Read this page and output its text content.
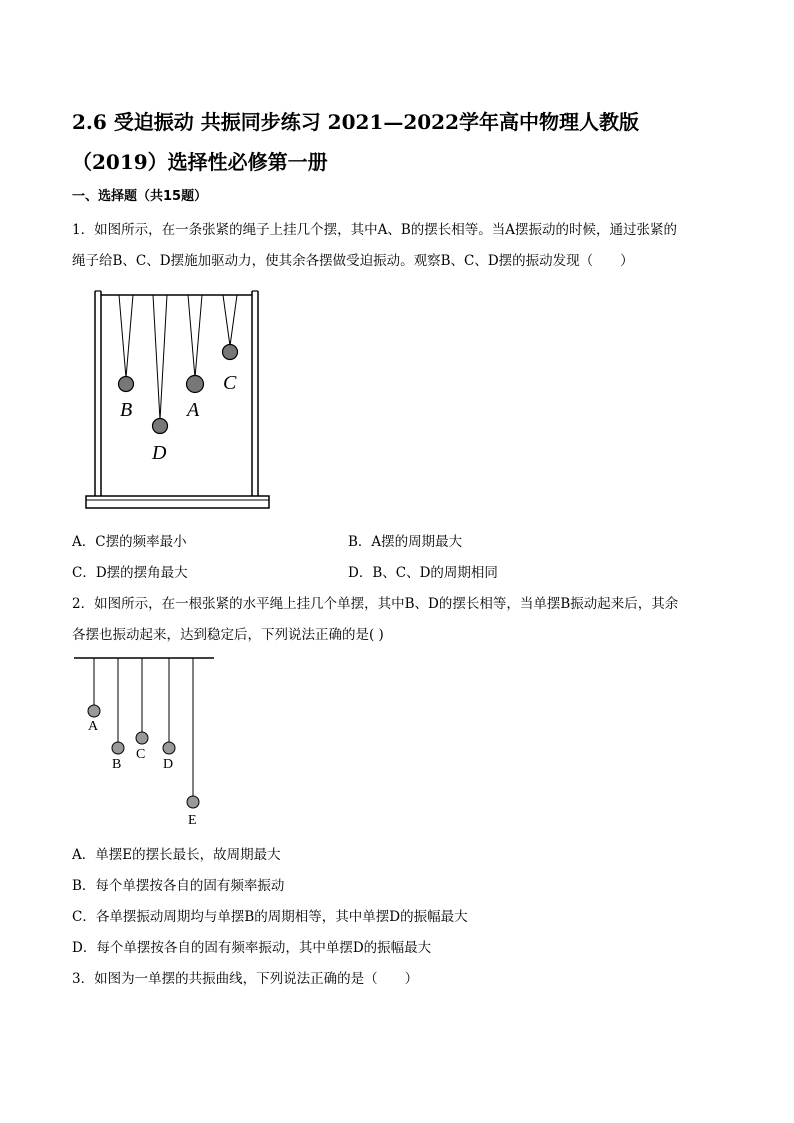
2.6 受迫振动 共振同步练习 2021—2022学年高中物理人教版
（2019）选择性必修第一册
一、选择题（共15题）
1．如图所示，在一条张紧的绳子上挂几个摆，其中A、B的摆长相等。当A摆振动的时候，通过张紧的
绳子给B、C、D摆施加驱动力，使其余各摆做受迫振动。观察B、C、D摆的振动发现（　　）
B
D
A
C
A．C摆的频率最小	B．A摆的周期最大
C．D摆的摆角最大	D．B、C、D的周期相同
2．如图所示，在一根张紧的水平绳上挂几个单摆，其中B、D的摆长相等，当单摆B振动起来后，其余
各摆也振动起来，达到稳定后，下列说法正确的是( )
A
B
C
D
E
A．单摆E的摆长最长，故周期最大
B．每个单摆按各自的固有频率振动
C．各单摆振动周期均与单摆B的周期相等，其中单摆D的振幅最大
D．每个单摆按各自的固有频率振动，其中单摆D的振幅最大
3．如图为一单摆的共振曲线，下列说法正确的是（　　）
